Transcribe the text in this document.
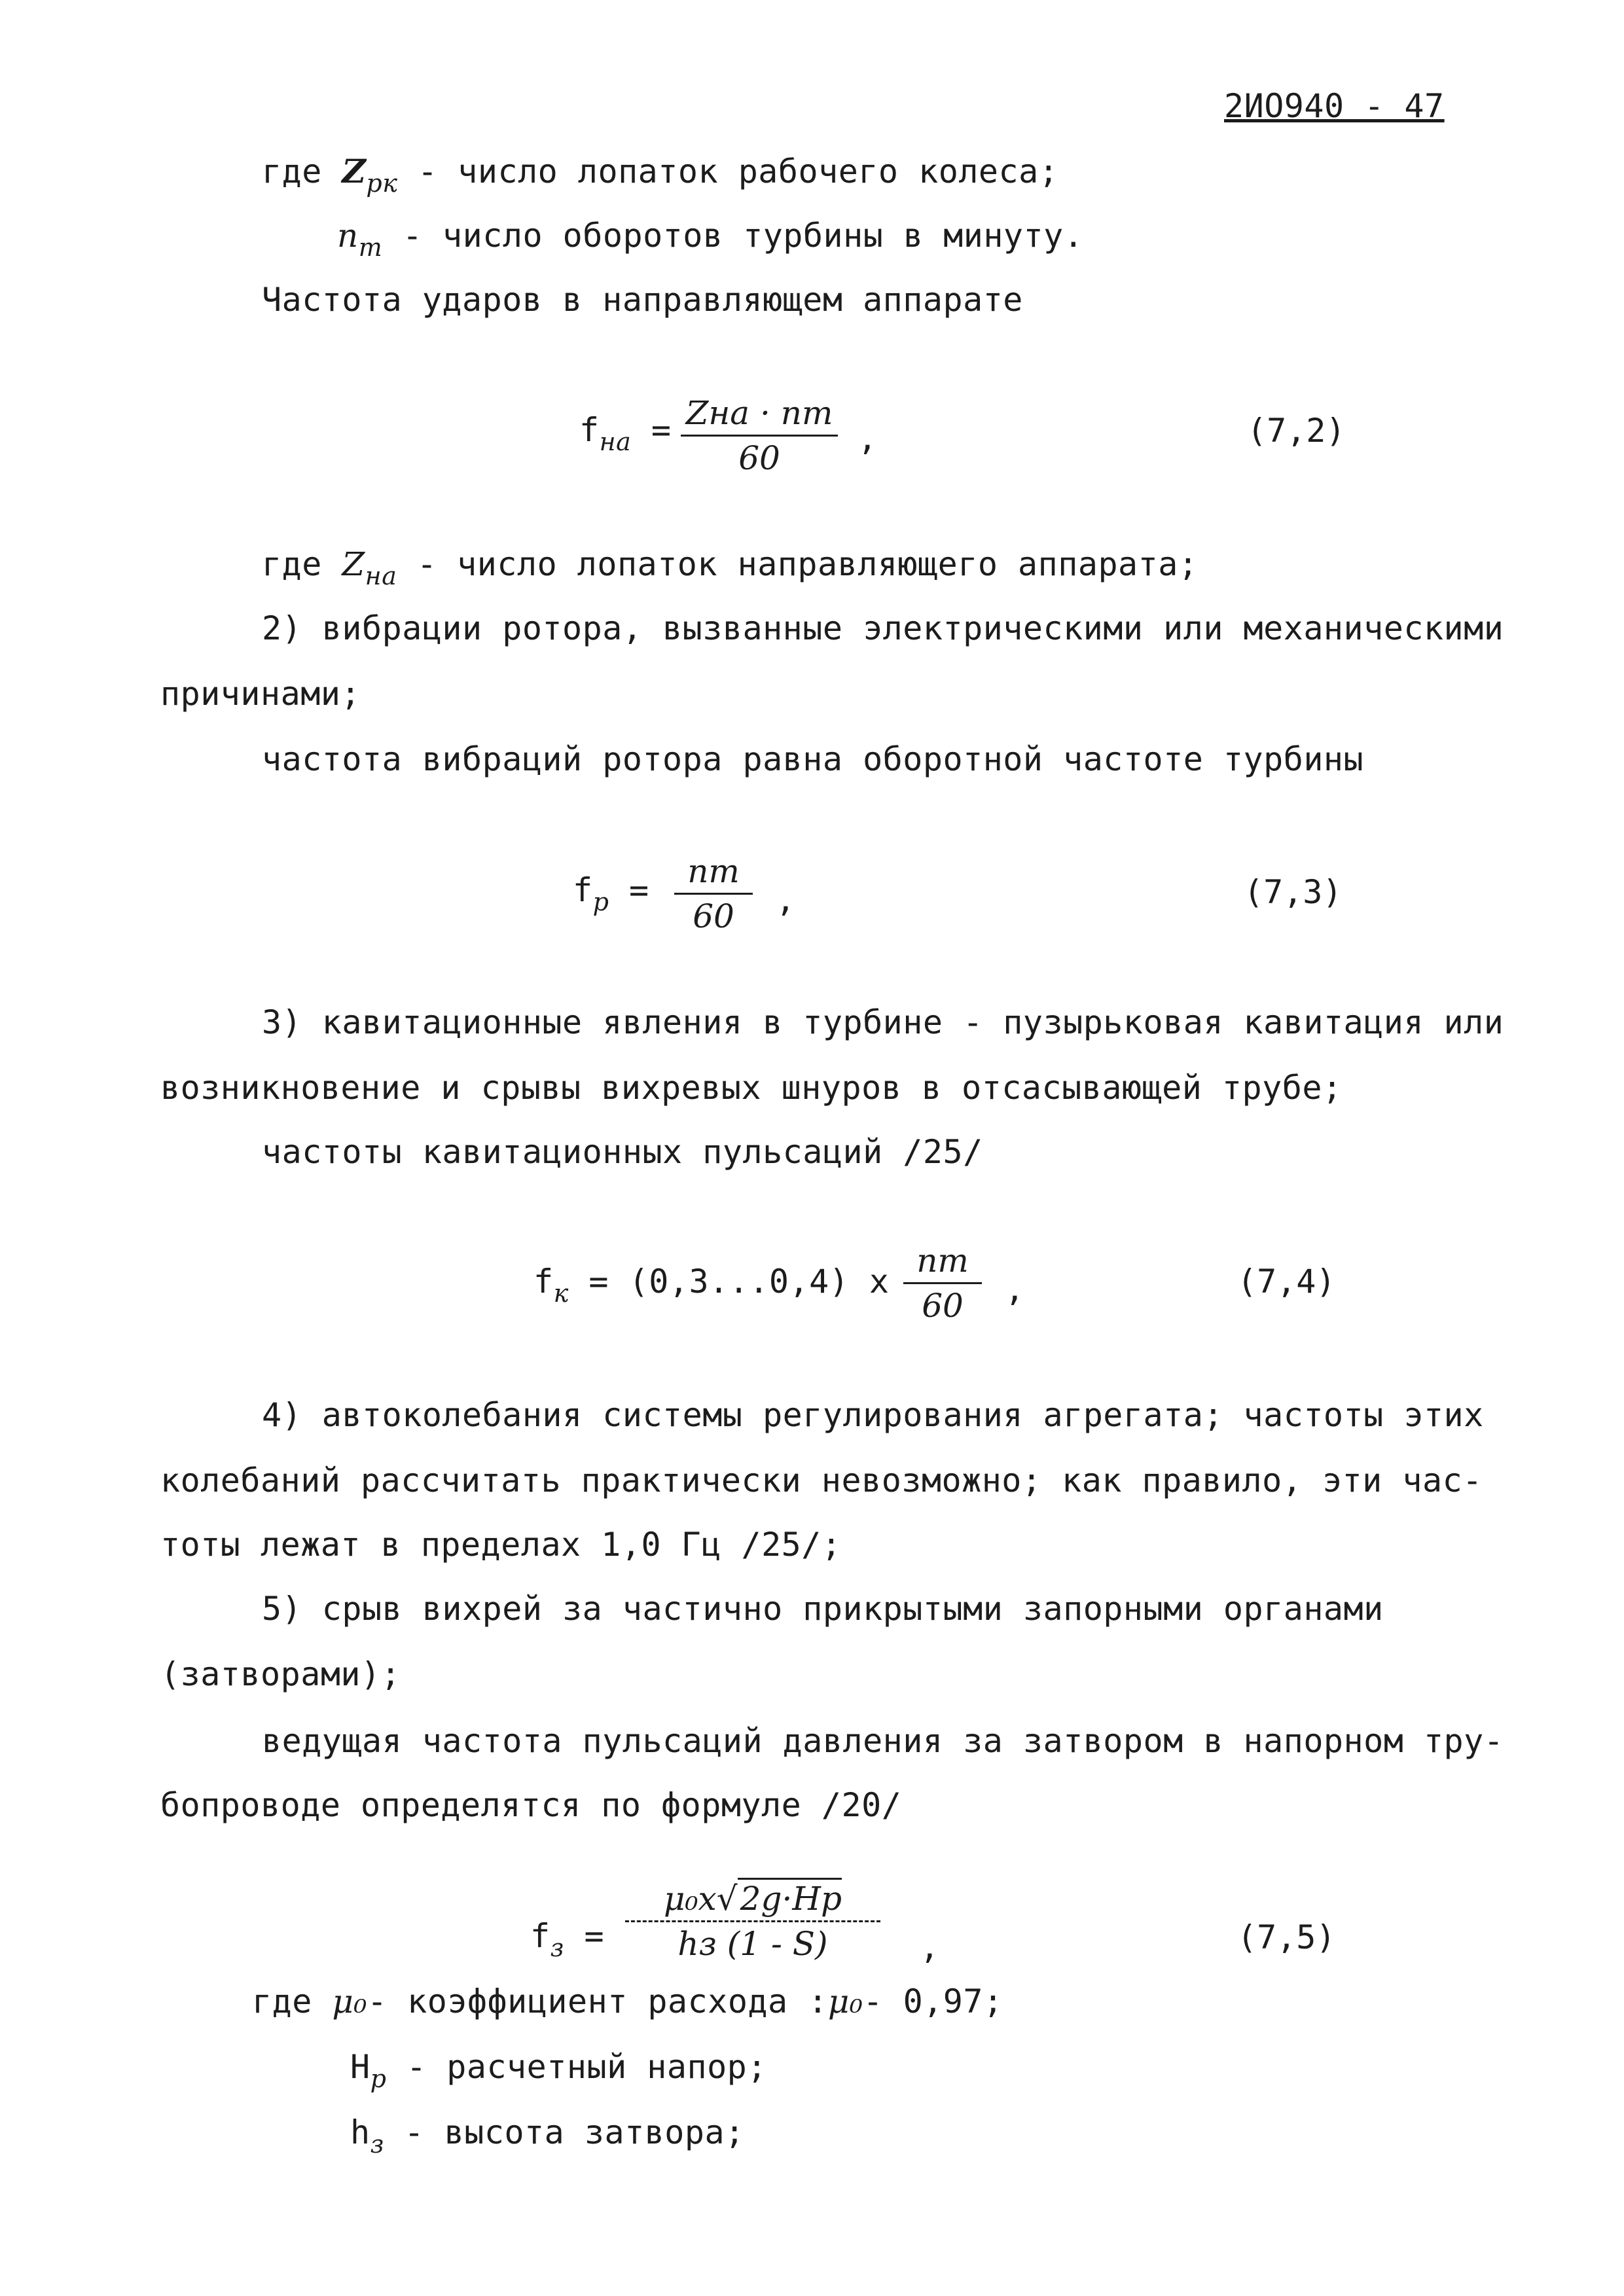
2ИО940 - 47
где $Z_{рк}$ - число лопаток рабочего колеса;
$n_т$ - число оборотов турбины в минуту.
Частота ударов в направляющем аппарате
$f_{на}$ = Zна · nт
60
,	(7,2)
где $Z_{на}$ - число лопаток направляющего аппарата;
2) вибрации ротора, вызванные электрическими или механическими
причинами;
частота вибраций ротора равна оборотной частоте турбины
$f_р$ =	nт
60	,	(7,3)
3) кавитационные явления в турбине - пузырьковая кавитация или
возникновение и срывы вихревых шнуров в отсасывающей трубе;
частоты кавитационных пульсаций /25/
$f_к = (0,3...0,4)$ x
nт
60	,	(7,4)
4) автоколебания системы регулирования агрегата; частоты этих
колебаний рассчитать практически невозможно; как правило, эти час-
тоты лежат в пределах 1,0 Гц /25/;
5) срыв вихрей за частично прикрытыми запорными органами
(затворами);
ведущая частота пульсаций давления за затвором в напорном тру-
бопроводе определятся по формуле /20/
$f_з$ =
μ₀x√2g·Hр
hз (1 - S)	,	(7,5)
где μ₀- коэффициент расхода :μ₀- 0,97;
$Н_р$ - расчетный напор;
$h_з$ - высота затвора;
